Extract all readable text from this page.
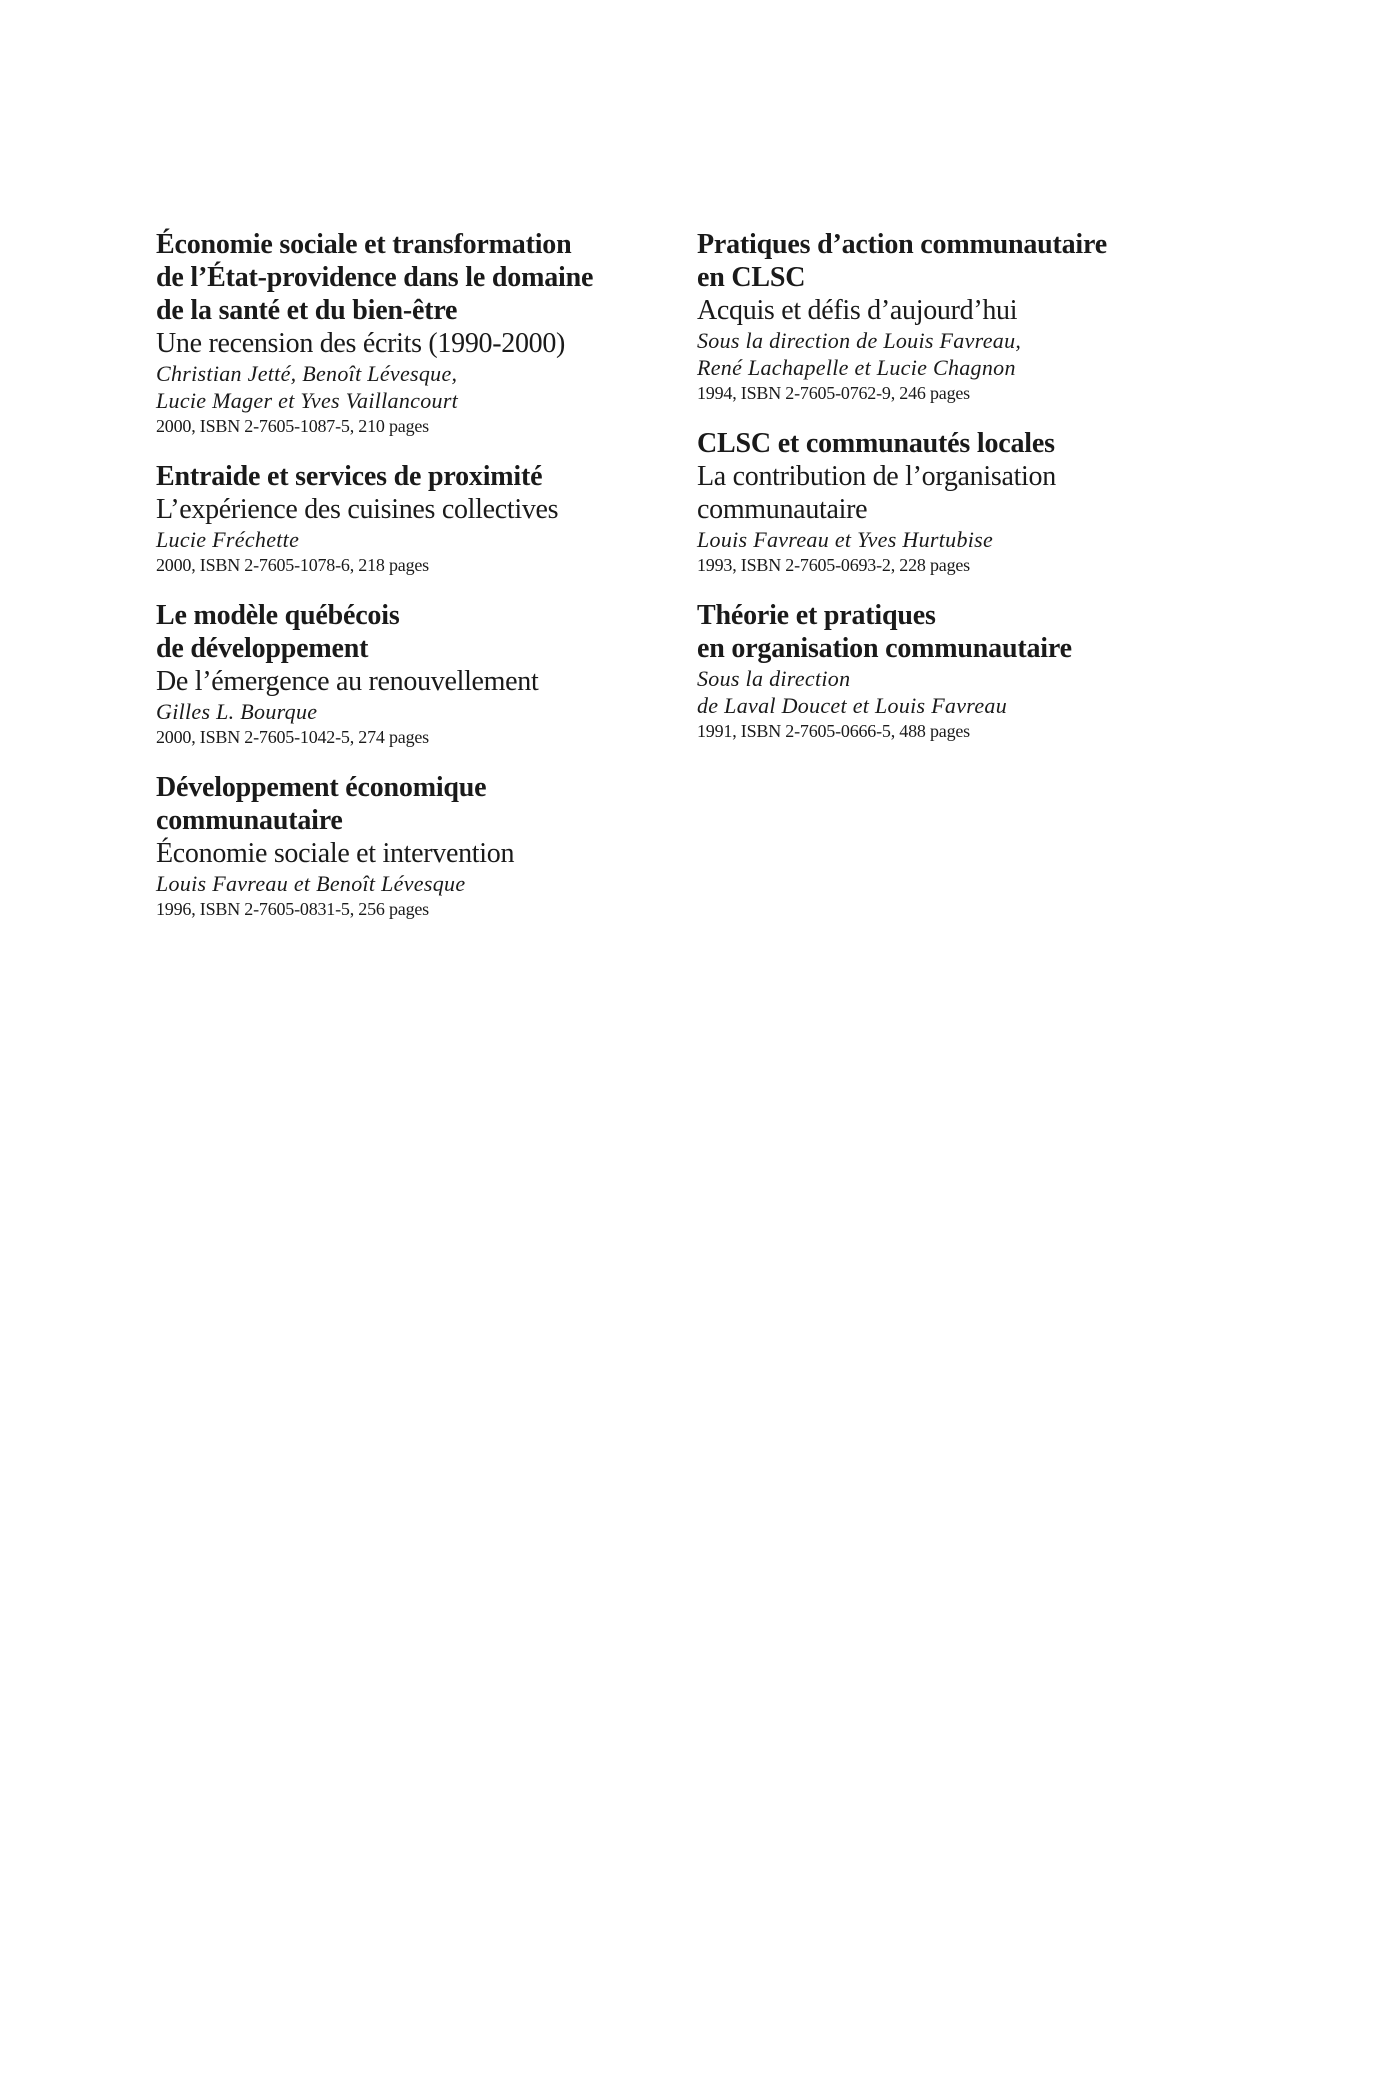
Économie sociale et transformation
de l’État-providence dans le domaine
de la santé et du bien-être
Une recension des écrits (1990-2000)
Christian Jetté, Benoît Lévesque,
Lucie Mager et Yves Vaillancourt
2000, ISBN 2-7605-1087-5, 210 pages
Entraide et services de proximité
L’expérience des cuisines collectives
Lucie Fréchette
2000, ISBN 2-7605-1078-6, 218 pages
Le modèle québécois
de développement
De l’émergence au renouvellement
Gilles L. Bourque
2000, ISBN 2-7605-1042-5, 274 pages
Développement économique
communautaire
Économie sociale et intervention
Louis Favreau et Benoît Lévesque
1996, ISBN 2-7605-0831-5, 256 pages
Pratiques d’action communautaire
en CLSC
Acquis et défis d’aujourd’hui
Sous la direction de Louis Favreau,
René Lachapelle et Lucie Chagnon
1994, ISBN 2-7605-0762-9, 246 pages
CLSC et communautés locales
La contribution de l’organisation
communautaire
Louis Favreau et Yves Hurtubise
1993, ISBN 2-7605-0693-2, 228 pages
Théorie et pratiques
en organisation communautaire
Sous la direction
de Laval Doucet et Louis Favreau
1991, ISBN 2-7605-0666-5, 488 pages
